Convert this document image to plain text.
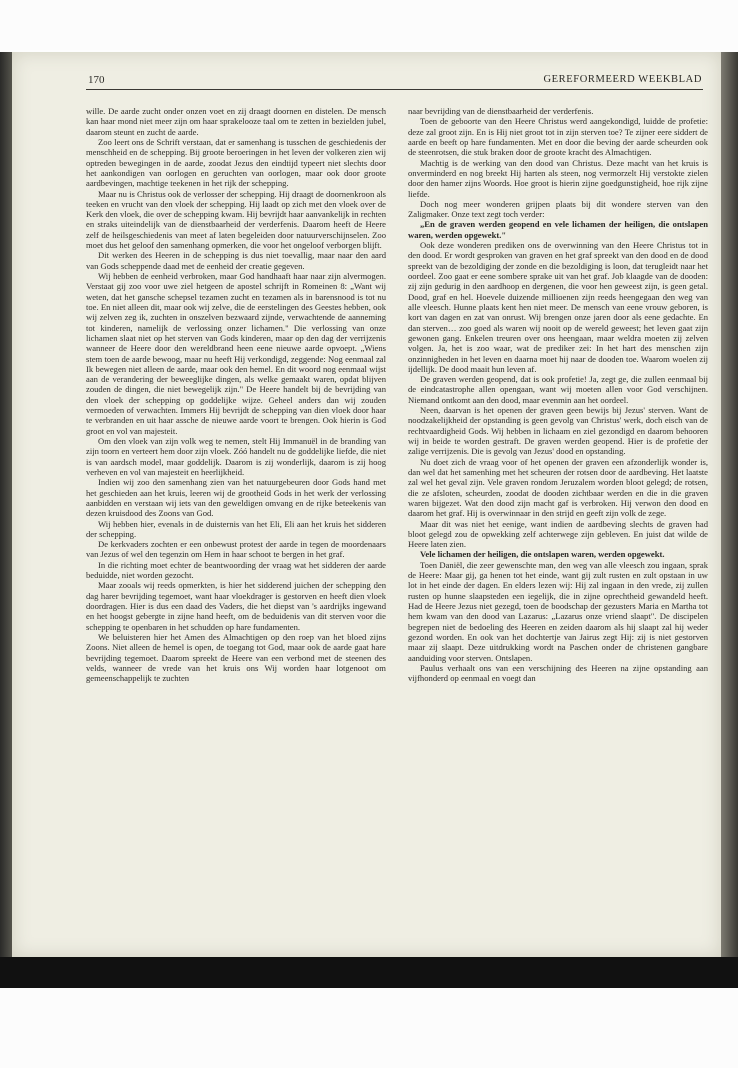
170	GEREFORMEERD WEEKBLAD

wille. De aarde zucht onder onzen voet en zij draagt doornen en distelen. De mensch kan haar mond niet meer zijn om haar sprakelooze taal om te zetten in bezielden jubel, daarom steunt en zucht de aarde.

Zoo leert ons de Schrift verstaan, dat er samenhang is tusschen de geschiedenis der menschheid en de schepping. Bij groote beroeringen in het leven der volkeren zien wij optreden bewegingen in de aarde, zoodat Jezus den eindtijd typeert niet slechts door het aankondigen van oorlogen en geruchten van oorlogen, maar ook door groote aardbevingen, machtige teekenen in het rijk der schepping.

Maar nu is Christus ook de verlosser der schepping. Hij draagt de doornenkroon als teeken en vrucht van den vloek der schepping. Hij laadt op zich met den vloek over de Kerk den vloek, die over de schepping kwam. Hij bevrijdt haar aanvankelijk in rechten en straks uiteindelijk van de dienstbaarheid der verderfenis. Daarom heeft de Heere zelf de heilsgeschiedenis van meet af laten begeleiden door natuurverschijnselen. Zoo moet dus het geloof den samenhang opmerken, die voor het ongeloof verborgen blijft.

Dit werken des Heeren in de schepping is dus niet toevallig, maar naar den aard van Gods scheppende daad met de eenheid der creatie gegeven.

Wij hebben de eenheid verbroken, maar God handhaaft haar naar zijn alvermogen. Verstaat gij zoo voor uwe ziel hetgeen de apostel schrijft in Romeinen 8: „Want wij weten, dat het gansche schepsel tezamen zucht en tezamen als in barensnood is tot nu toe. En niet alleen dit, maar ook wij zelve, die de eerstelingen des Geestes hebben, ook wij zelven zeg ik, zuchten in onszelven bezwaard zijnde, verwachtende de aanneming tot kinderen, namelijk de verlossing onzer lichamen." Die verlossing van onze lichamen slaat niet op het sterven van Gods kinderen, maar op den dag der verrijzenis wanneer de Heere door den wereldbrand heen eene nieuwe aarde opvoept. „Wiens stem toen de aarde bewoog, maar nu heeft Hij verkondigd, zeggende: Nog eenmaal zal Ik bewegen niet alleen de aarde, maar ook den hemel. En dit woord nog eenmaal wijst aan de verandering der beweeglijke dingen, als welke gemaakt waren, opdat blijven zouden de dingen, die niet bewegelijk zijn." De Heere handelt bij de bevrijding van den vloek der schepping op goddelijke wijze. Geheel anders dan wij zouden vermoeden of verwachten. Immers Hij bevrijdt de schepping van dien vloek door haar te verbranden en uit haar assche de nieuwe aarde voort te brengen. Ook hierin is God groot en vol van majesteit.

Om den vloek van zijn volk weg te nemen, stelt Hij Immanuël in de branding van zijn toorn en verteert hem door zijn vloek. Zóó handelt nu de goddelijke liefde, die niet is van aardsch model, maar goddelijk. Daarom is zij wonderlijk, daarom is zij hoog verheven en vol van majesteit en heerlijkheid.

Indien wij zoo den samenhang zien van het natuurgebeuren door Gods hand met het geschieden aan het kruis, leeren wij de grootheid Gods in het werk der verlossing aanbidden en verstaan wij iets van den geweldigen omvang en de rijke beteekenis van dezen kruisdood des Zoons van God.

Wij hebben hier, evenals in de duisternis van het Eli, Eli aan het kruis het sidderen der schepping.

De kerkvaders zochten er een onbewust protest der aarde in tegen de moordenaars van Jezus of wel den tegenzin om Hem in haar schoot te bergen in het graf.

In die richting moet echter de beantwoording der vraag wat het sidderen der aarde beduidde, niet worden gezocht.

Maar zooals wij reeds opmerkten, is hier het sidderend juichen der schepping den dag harer bevrijding tegemoet, want haar vloekdrager is gestorven en heeft dien vloek doordragen. Hier is dus een daad des Vaders, die het diepst van 's aardrijks ingewand en het hoogst gebergte in zijne hand heeft, om de beduidenis van dit sterven voor die schepping te openbaren in het schudden op hare fundamenten.

We beluisteren hier het Amen des Almachtigen op den roep van het bloed zijns Zoons. Niet alleen de hemel is open, de toegang tot God, maar ook de aarde gaat hare bevrijding tegemoet. Daarom spreekt de Heere van een verbond met de steenen des velds, wanneer de vrede van het kruis ons Wij worden haar lotgenoot om gemeenschappelijk te zuchten

naar bevrijding van de dienstbaarheid der verderfenis.

Toen de geboorte van den Heere Christus werd aangekondigd, luidde de profetie: deze zal groot zijn. En is Hij niet groot tot in zijn sterven toe? Te zijner eere siddert de aarde en beeft op hare fundamenten. Met en door die beving der aarde scheurden ook de steenrotsen, die stuk braken door de groote kracht des Almachtigen.

Machtig is de werking van den dood van Christus. Deze macht van het kruis is onverminderd en nog breekt Hij harten als steen, nog vermorzelt Hij verstokte zielen door den hamer zijns Woords. Hoe groot is hierin zijne goedgunstigheid, hoe rijk zijne liefde.

Doch nog meer wonderen grijpen plaats bij dit wondere sterven van den Zaligmaker. Onze text zegt toch verder:

„En de graven werden geopend en vele lichamen der heiligen, die ontslapen waren, werden opgewekt."

Ook deze wonderen prediken ons de overwinning van den Heere Christus tot in den dood. Er wordt gesproken van graven en het graf spreekt van den dood en de dood spreekt van de bezoldiging der zonde en die bezoldiging is loon, dat terugleidt naar het oordeel. Zoo gaat er eene sombere sprake uit van het graf. Job klaagde van de dooden: zij zijn gedurig in den aardhoop en dergenen, die voor hen geweest zijn, is geen getal. Dood, graf en hel. Hoevele duizende millioenen zijn reeds heengegaan den weg van alle vleesch. Hunne plaats kent hen niet meer. De mensch van eene vrouw geboren, is kort van dagen en zat van onrust. Wij brengen onze jaren door als eene gedachte. En dan sterven… zoo goed als waren wij nooit op de wereld geweest; het leven gaat zijn gewonen gang. Enkelen treuren over ons heengaan, maar weldra moeten zij zelven volgen. Ja, het is zoo waar, wat de prediker zei: In het hart des menschen zijn onzinnigheden in het leven en daarna moet hij naar de dooden toe. Waarom woelen zij ijdellijk. De dood maait hun leven af.

De graven werden geopend, dat is ook profetie! Ja, zegt ge, die zullen eenmaal bij de eindcatastrophe allen opengaan, want wij moeten allen voor God verschijnen. Niemand ontkomt aan den dood, maar evenmin aan het oordeel.

Neen, daarvan is het openen der graven geen bewijs bij Jezus' sterven. Want de noodzakelijkheid der opstanding is geen gevolg van Christus' werk, doch eisch van de rechtvaardigheid Gods. Wij hebben in lichaam en ziel gezondigd en daarom behooren wij in beide te worden gestraft. De graven werden geopend. Hier is de profetie der zalige verrijzenis. Die is gevolg van Jezus' dood en opstanding.

Nu doet zich de vraag voor of het openen der graven een afzonderlijk wonder is, dan wel dat het samenhing met het scheuren der rotsen door de aardbeving. Het laatste zal wel het geval zijn. Vele graven rondom Jeruzalem worden bloot gelegd; de rotsen, die ze afsloten, scheurden, zoodat de dooden zichtbaar werden en die in die graven waren bijgezet. Wat den dood zijn macht gaf is verbroken. Hij verwon den dood en daarom het graf. Hij is overwinnaar in den strijd en geeft zijn volk de zege.

Maar dit was niet het eenige, want indien de aardbeving slechts de graven had bloot gelegd zou de opwekking zelf achterwege zijn gebleven. En juist dat wilde de Heere laten zien.

Vele lichamen der heiligen, die ontslapen waren, werden opgewekt.

Toen Daniël, die zeer gewenschte man, den weg van alle vleesch zou ingaan, sprak de Heere: Maar gij, ga henen tot het einde, want gij zult rusten en zult opstaan in uw lot in het einde der dagen. En elders lezen wij: Hij zal ingaan in den vrede, zij zullen rusten op hunne slaapsteden een iegelijk, die in zijne oprechtheid gewandeld heeft. Had de Heere Jezus niet gezegd, toen de boodschap der gezusters Maria en Martha tot hem kwam van den dood van Lazarus: „Lazarus onze vriend slaapt". De discipelen begrepen niet de bedoeling des Heeren en zeiden daarom als hij slaapt zal hij weder gezond worden. En ook van het dochtertje van Jairus zegt Hij: zij is niet gestorven maar zij slaapt. Deze uitdrukking wordt na Paschen onder de christenen gangbare aanduiding voor sterven. Ontslapen.

Paulus verhaalt ons van een verschijning des Heeren na zijne opstanding aan vijfhonderd op eenmaal en voegt dan
